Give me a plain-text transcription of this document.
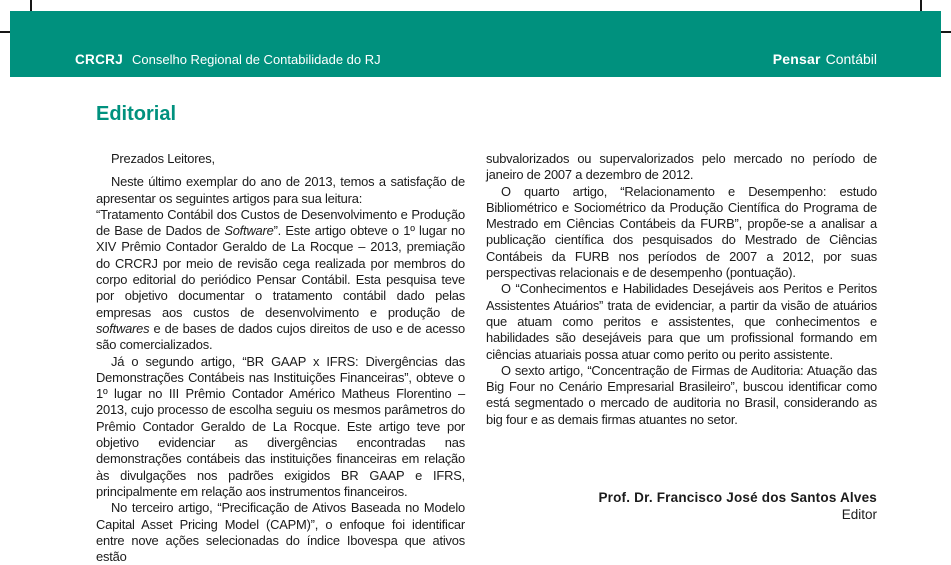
CRCRJ Conselho Regional de Contabilidade do RJ	Pensar Contábil
Editorial

Prezados Leitores,

Neste último exemplar do ano de 2013, temos a satisfação de apresentar os seguintes artigos para sua leitura:

“Tratamento Contábil dos Custos de Desenvolvimento e Produção de Base de Dados de Software”. Este artigo obteve o 1º lugar no XIV Prêmio Contador Geraldo de La Rocque – 2013, premiação do CRCRJ por meio de revisão cega realizada por membros do corpo editorial do periódico Pensar Contábil. Esta pesquisa teve por objetivo documentar o tratamento contábil dado pelas empresas aos custos de desenvolvimento e produção de softwares e de bases de dados cujos direitos de uso e de acesso são comercializados.

Já o segundo artigo, “BR GAAP x IFRS: Divergências das Demonstrações Contábeis nas Instituições Financeiras”, obteve o 1º lugar no III Prêmio Contador Américo Matheus Florentino – 2013, cujo processo de escolha seguiu os mesmos parâmetros do Prêmio Contador Geraldo de La Rocque. Este artigo teve por objetivo evidenciar as divergências encontradas nas demonstrações contábeis das instituições financeiras em relação às divulgações nos padrões exigidos BR GAAP e IFRS, principalmente em relação aos instrumentos financeiros.

No terceiro artigo, “Precificação de Ativos Baseada no Modelo Capital Asset Pricing Model (CAPM)”, o enfoque foi identificar entre nove ações selecionadas do índice Ibovespa que ativos estão

subvalorizados ou supervalorizados pelo mercado no período de janeiro de 2007 a dezembro de 2012.

O quarto artigo, “Relacionamento e Desempenho: estudo Bibliométrico e Sociométrico da Produção Científica do Programa de Mestrado em Ciências Contábeis da FURB”, propõe-se a analisar a publicação científica dos pesquisados do Mestrado de Ciências Contábeis da FURB nos períodos de 2007 a 2012, por suas perspectivas relacionais e de desempenho (pontuação).

O “Conhecimentos e Habilidades Desejáveis aos Peritos e Peritos Assistentes Atuários” trata de evidenciar, a partir da visão de atuários que atuam como peritos e assistentes, que conhecimentos e habilidades são desejáveis para que um profissional formando em ciências atuariais possa atuar como perito ou perito assistente.

O sexto artigo, “Concentração de Firmas de Auditoria: Atuação das Big Four no Cenário Empresarial Brasileiro”, buscou identificar como está segmentado o mercado de auditoria no Brasil, considerando as big four e as demais firmas atuantes no setor.

Prof. Dr. Francisco José dos Santos Alves
Editor
